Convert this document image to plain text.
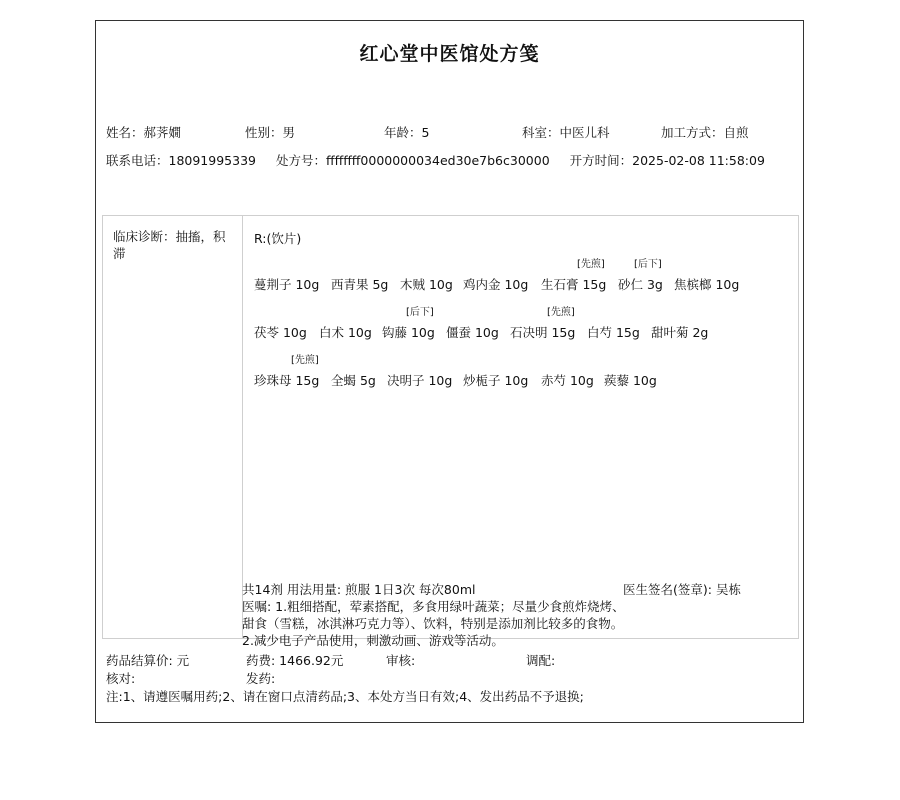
红心堂中医馆处方笺
姓名：郝荠嫺	性别：男	年龄：5	科室：中医儿科	加工方式：自煎
联系电话：18091995339 处方号：ffffffff0000000034ed30e7b6c30000 开方时间：2025-02-08 11:58:09
临床诊断：抽搐，积滞
R:(饮片)
蔓荆子 10g 西青果 5g 木贼 10g 鸡内金 10g
[先煎]
生石膏 15g
[后下]
砂仁 3g 焦槟榔 10g
茯苓 10g 白术 10g
[后下]
钩藤 10g 僵蚕 10g
[先煎]
石决明 15g 白芍 15g 甜叶菊 2g
[先煎]
珍珠母 15g 全蝎 5g 决明子 10g 炒栀子 10g 赤芍 10g 蒺藜 10g
共14剂 用法用量: 煎服 1日3次 每次80ml	医生签名(签章): 吴栋
医嘱: 1.粗细搭配，荤素搭配，多食用绿叶蔬菜；尽量少食煎炸烧烤、甜食（雪糕，冰淇淋巧克力等）、饮料，特别是添加剂比较多的食物。 2.减少电子产品使用，刺激动画、游戏等活动。
药品结算价: 元	药费: 1466.92元	审核:	调配:
核对:	发药:
注:1、请遵医嘱用药;2、请在窗口点清药品;3、本处方当日有效;4、发出药品不予退换;
